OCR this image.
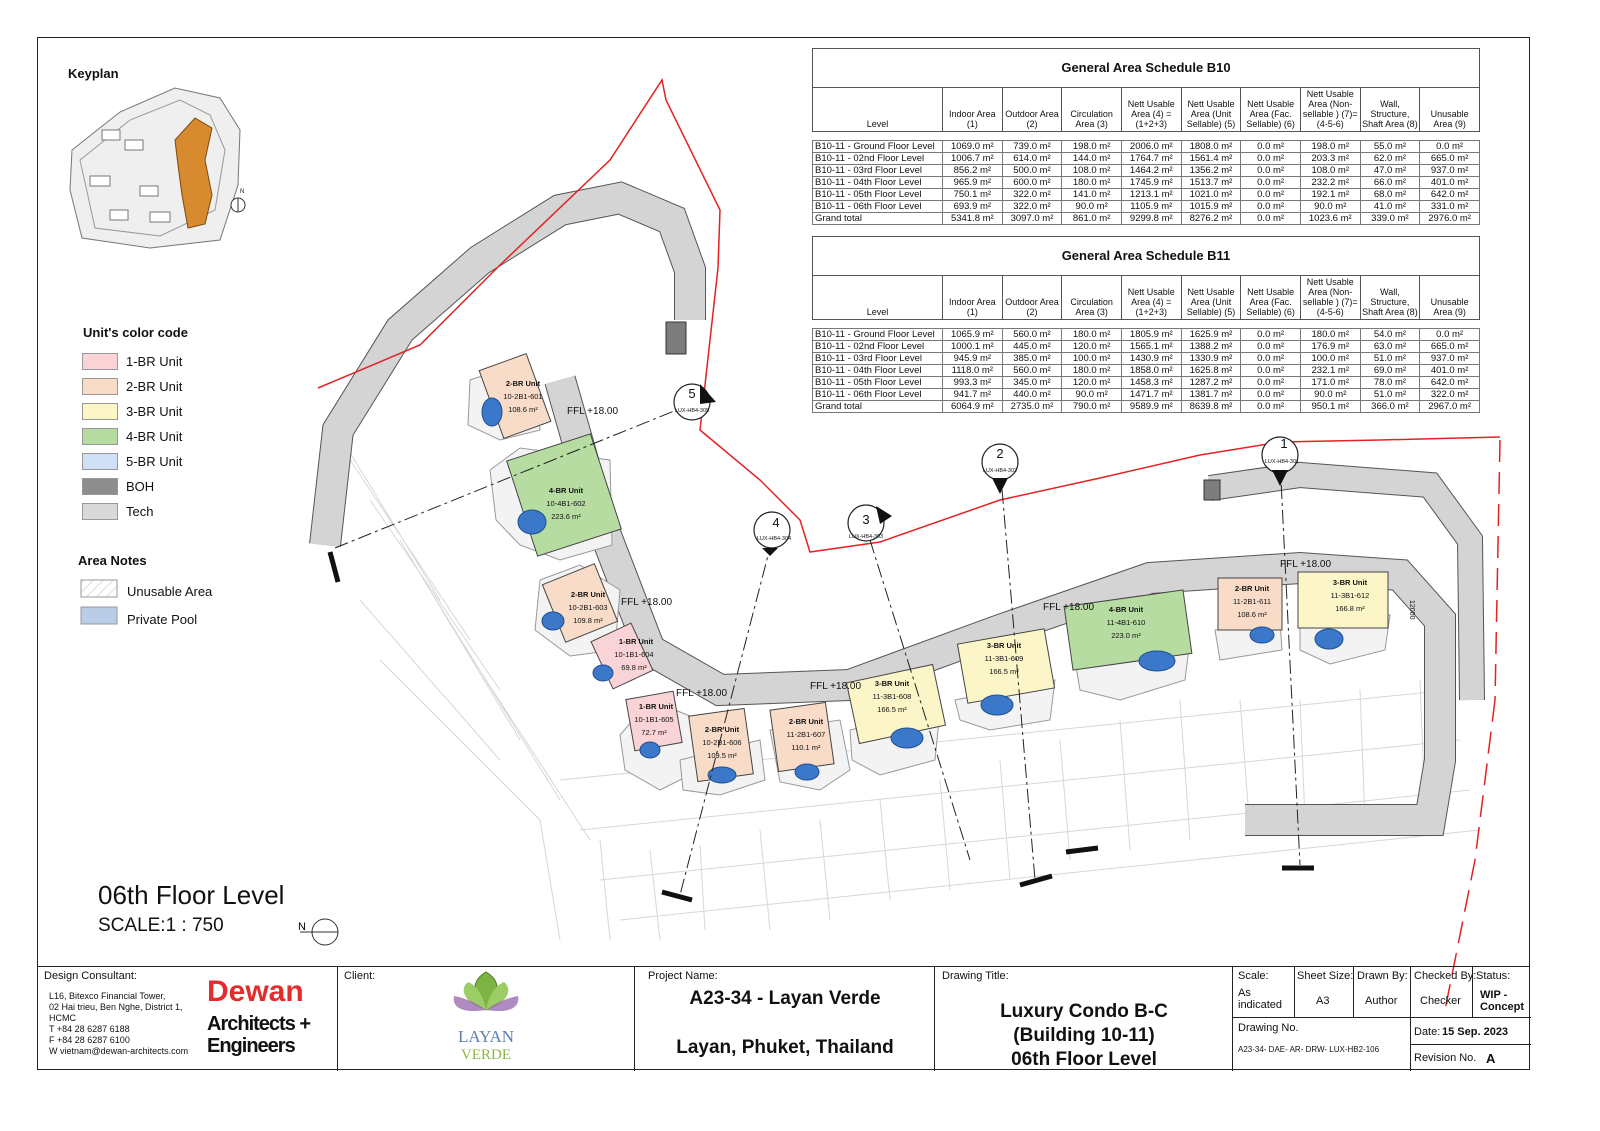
5
LUX-HB4-305
4
LUX-HB4-304
3
LUX-HB4-303
2
LUX-HB4-302
1
LUX-HB4-301
2-BR Unit
10-2B1-601
108.6 m²
4-BR Unit
10-4B1-602
223.6 m²
2-BR Unit
10-2B1-603
109.8 m²
1-BR Unit
10-1B1-604
69.8 m²
1-BR Unit
10-1B1-605
72.7 m²	2-BR Unit
10-2B1-606
109.5 m²
2-BR Unit
11-2B1-607
110.1 m²
3-BR Unit
11-3B1-608
166.5 m²
3-BR Unit
11-3B1-609
166.5 m²
4-BR Unit
11-4B1-610
223.0 m²
2-BR Unit
11-2B1-611
108.6 m²
3-BR Unit
11-3B1-612
166.8 m²
FFL +18.00
FFL +18.00
FFL +18.00
FFL +18.00
FFL +18.00
FFL +18.00
12000
N
Keyplan
N
Unit's color code
1-BR Unit
2-BR Unit
3-BR Unit
4-BR Unit
5-BR Unit
BOH
Tech
Area Notes
Unusable Area
Private Pool
06th Floor Level
SCALE:1 : 750
General Area Schedule B10
Level	Indoor Area (1)	Outdoor Area (2)	Circulation Area (3)	Nett Usable Area (4) = (1+2+3)	Nett Usable Area (Unit Sellable) (5)	Nett Usable Area (Fac. Sellable) (6)	Nett Usable Area (Non-sellable ) (7)=(4-5-6)	Wall, Structure, Shaft Area (8)	Unusable Area (9)

B10-11 - Ground Floor Level	1069.0 m²	739.0 m²	198.0 m²	2006.0 m²	1808.0 m²	0.0 m²	198.0 m²	55.0 m²	0.0 m²
B10-11 - 02nd Floor Level	1006.7 m²	614.0 m²	144.0 m²	1764.7 m²	1561.4 m²	0.0 m²	203.3 m²	62.0 m²	665.0 m²
B10-11 - 03rd Floor Level	856.2 m²	500.0 m²	108.0 m²	1464.2 m²	1356.2 m²	0.0 m²	108.0 m²	47.0 m²	937.0 m²
B10-11 - 04th Floor Level	965.9 m²	600.0 m²	180.0 m²	1745.9 m²	1513.7 m²	0.0 m²	232.2 m²	66.0 m²	401.0 m²
B10-11 - 05th Floor Level	750.1 m²	322.0 m²	141.0 m²	1213.1 m²	1021.0 m²	0.0 m²	192.1 m²	68.0 m²	642.0 m²
B10-11 - 06th Floor Level	693.9 m²	322.0 m²	90.0 m²	1105.9 m²	1015.9 m²	0.0 m²	90.0 m²	41.0 m²	331.0 m²
Grand total	5341.8 m²	3097.0 m²	861.0 m²	9299.8 m²	8276.2 m²	0.0 m²	1023.6 m²	339.0 m²	2976.0 m²
General Area Schedule B11
Level	Indoor Area (1)	Outdoor Area (2)	Circulation Area (3)	Nett Usable Area (4) = (1+2+3)	Nett Usable Area (Unit Sellable) (5)	Nett Usable Area (Fac. Sellable) (6)	Nett Usable Area (Non-sellable ) (7)=(4-5-6)	Wall, Structure, Shaft Area (8)	Unusable Area (9)

B10-11 - Ground Floor Level	1065.9 m²	560.0 m²	180.0 m²	1805.9 m²	1625.9 m²	0.0 m²	180.0 m²	54.0 m²	0.0 m²
B10-11 - 02nd Floor Level	1000.1 m²	445.0 m²	120.0 m²	1565.1 m²	1388.2 m²	0.0 m²	176.9 m²	63.0 m²	665.0 m²
B10-11 - 03rd Floor Level	945.9 m²	385.0 m²	100.0 m²	1430.9 m²	1330.9 m²	0.0 m²	100.0 m²	51.0 m²	937.0 m²
B10-11 - 04th Floor Level	1118.0 m²	560.0 m²	180.0 m²	1858.0 m²	1625.8 m²	0.0 m²	232.1 m²	69.0 m²	401.0 m²
B10-11 - 05th Floor Level	993.3 m²	345.0 m²	120.0 m²	1458.3 m²	1287.2 m²	0.0 m²	171.0 m²	78.0 m²	642.0 m²
B10-11 - 06th Floor Level	941.7 m²	440.0 m²	90.0 m²	1471.7 m²	1381.7 m²	0.0 m²	90.0 m²	51.0 m²	322.0 m²
Grand total	6064.9 m²	2735.0 m²	790.0 m²	9589.9 m²	8639.8 m²	0.0 m²	950.1 m²	366.0 m²	2967.0 m²
Design Consultant:
L16, Bitexco Financial Tower,
02 Hai trieu, Ben Nghe, District 1,
HCMC
T +84 28 6287 6188
F +84 28 6287 6100
W vietnam@dewan-architects.com
Dewan
Architects +
Engineers
Client:
LAYAN
VERDE
Project Name:
A23-34 - Layan Verde
Layan, Phuket, Thailand
Drawing Title:
Luxury Condo B-C
(Building 10-11)
06th Floor Level
Scale:
As indicated
Sheet Size:
A3
Drawn By:
Author
Checked By:
Checker
Status:
WIP - Concept
Drawing No.
A23-34- DAE- AR- DRW- LUX-HB2-106
Date: 15 Sep. 2023
Revision No. A
